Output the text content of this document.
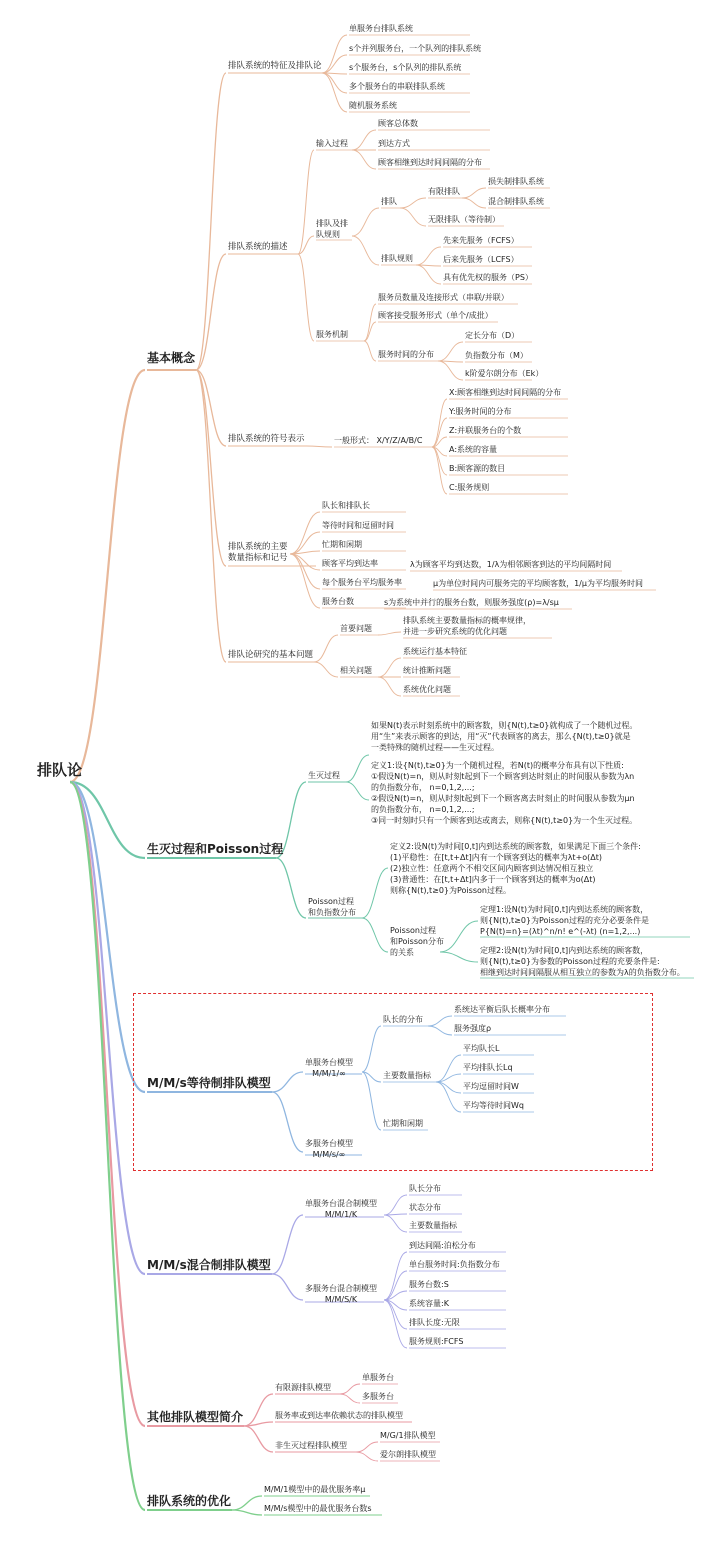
排队论
基本概念
排队系统的特征及排队论
单服务台排队系统
s个并列服务台，一个队列的排队系统
s个服务台，s个队列的排队系统
多个服务台的串联排队系统
随机服务系统
排队系统的描述
输入过程
顾客总体数
到达方式
顾客相继到达时间间隔的分布
排队及排
队规则
排队
有限排队
损失制排队系统
混合制排队系统
无限排队（等待制）
排队规则
先来先服务（FCFS）
后来先服务（LCFS）
具有优先权的服务（PS）
服务机制
服务员数量及连接形式（串联/并联）
顾客接受服务形式（单个/成批）
服务时间的分布
定长分布（D）
负指数分布（M）
k阶爱尔朗分布（Ek）
排队系统的符号表示	一般形式： X/Y/Z/A/B/C
X:顾客相继到达时间间隔的分布
Y:服务时间的分布
Z:并联服务台的个数
A:系统的容量
B:顾客源的数目
C:服务规则
排队系统的主要
数量指标和记号
队长和排队长
等待时间和逗留时间
忙期和闲期
顾客平均到达率	λ为顾客平均到达数，1/λ为相邻顾客到达的平均间隔时间
每个服务台平均服务率	μ为单位时间内可服务完的平均顾客数，1/μ为平均服务时间
服务台数	s为系统中并行的服务台数，则服务强度(ρ)=λ/sμ
排队论研究的基本问题
首要问题
排队系统主要数量指标的概率规律，
并进一步研究系统的优化问题
相关问题
系统运行基本特征
统计推断问题
系统优化问题
生灭过程和Poisson过程
生灭过程
如果N(t)表示时刻系统中的顾客数，则{N(t),t≥0}就构成了一个随机过程。
用“生”来表示顾客的到达，用“灭”代表顾客的离去，那么{N(t),t≥0}就是
一类特殊的随机过程——生灭过程。
定义1:设{N(t),t≥0}为一个随机过程，若N(t)的概率分布具有以下性质:
①假设N(t)=n，则从时刻t起到下一个顾客到达时刻止的时间服从参数为λn
的负指数分布， n=0,1,2,...;
②假设N(t)=n，则从时刻t起到下一个顾客离去时刻止的时间服从参数为μn
的负指数分布， n=0,1,2,...;
③同一时刻时只有一个顾客到达或离去，则称{N(t),t≥0}为一个生灭过程。
Poisson过程
和负指数分布
定义2:设N(t)为时间[0,t]内到达系统的顾客数，如果满足下面三个条件:
(1)平稳性：在[t,t+Δt]内有一个顾客到达的概率为λt+o(Δt)
(2)独立性：任意两个不相交区间内顾客到达情况相互独立
(3)普通性：在[t,t+Δt]内多于一个顾客到达的概率为o(Δt)
则称{N(t),t≥0}为Poisson过程。
Poisson过程
和Poisson分布
的关系
定理1:设N(t)为时间[0,t]内到达系统的顾客数，
则{N(t),t≥0}为Poisson过程的充分必要条件是
P{N(t)=n}=(λt)^n/n! e^(-λt) (n=1,2,...)
定理2:设N(t)为时间[0,t]内到达系统的顾客数，
则{N(t),t≥0}为参数的Poisson过程的充要条件是:
相继到达时间间隔服从相互独立的参数为λ的负指数分布。
M/M/s等待制排队模型
单服务台模型
M/M/1/∞
队长的分布
系统达平衡后队长概率分布
服务强度ρ
主要数量指标
平均队长L
平均排队长Lq
平均逗留时间W
平均等待时间Wq
忙期和闲期
多服务台模型
M/M/s/∞
M/M/s混合制排队模型
单服务台混合制模型
M/M/1/K
队长分布
状态分布
主要数量指标
多服务台混合制模型
M/M/S/K
到达间隔:泊松分布
单台服务时间:负指数分布
服务台数:S
系统容量:K
排队长度:无限
服务规则:FCFS
其他排队模型简介
有限源排队模型
单服务台
多服务台
服务率或到达率依赖状态的排队模型
非生灭过程排队模型
M/G/1排队模型
爱尔朗排队模型
排队系统的优化
M/M/1模型中的最优服务率μ
M/M/s模型中的最优服务台数s
